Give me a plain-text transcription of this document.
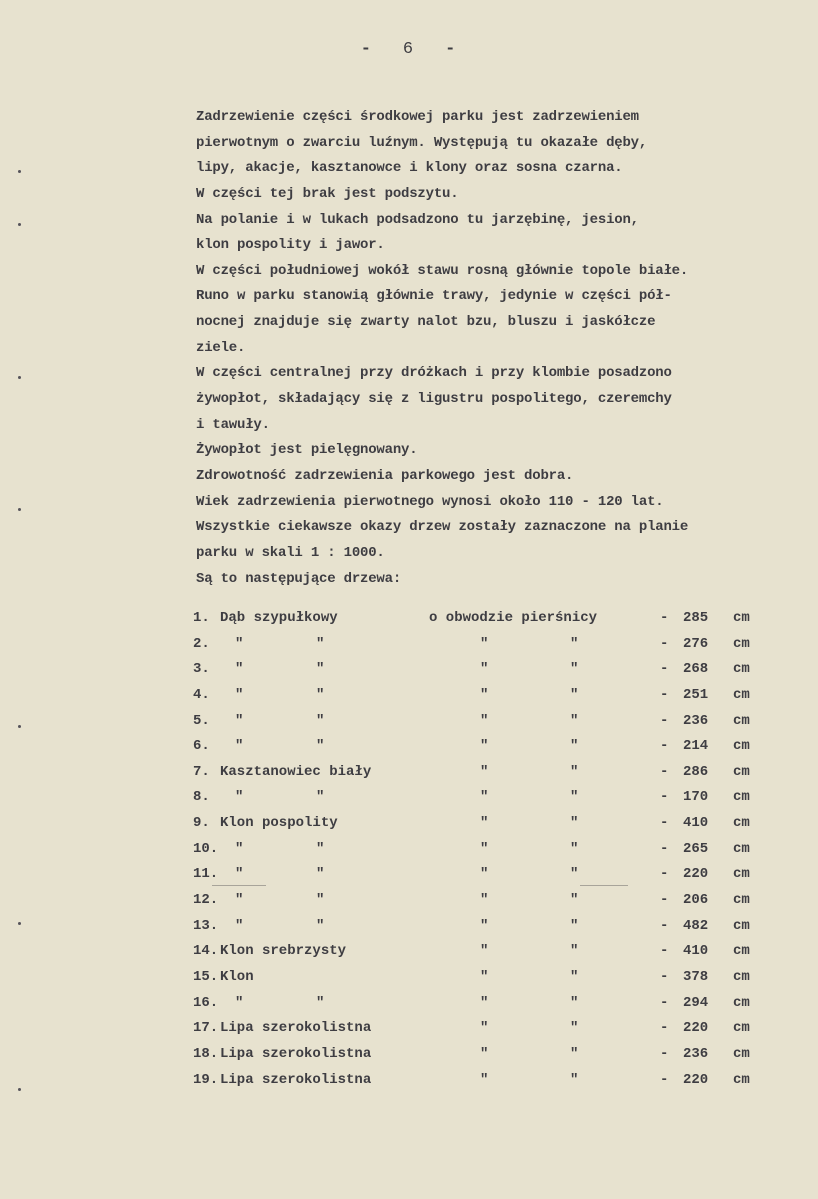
- 6 -
Zadrzewienie części środkowej parku jest zadrzewieniem
pierwotnym o zwarciu luźnym. Występują tu okazałe dęby,
lipy, akacje, kasztanowce i klony oraz sosna czarna.
W części tej brak jest podszytu.
Na polanie i w lukach podsadzono tu jarzębinę, jesion,
klon pospolity i jawor.
W części południowej wokół stawu rosną głównie topole białe.
Runo w parku stanowią głównie trawy, jedynie w części pół-
nocnej znajduje się zwarty nalot bzu, bluszu i jaskółcze
ziele.
W części centralnej przy dróżkach i przy klombie posadzono
żywopłot, składający się z ligustru pospolitego, czeremchy
i tawuły.
Żywopłot jest pielęgnowany.
Zdrowotność zadrzewienia parkowego jest dobra.
Wiek zadrzewienia pierwotnego wynosi około 110 - 120 lat.
Wszystkie ciekawsze okazy drzew zostały zaznaczone na planie
parku w skali 1 : 1000.
Są to następujące drzewa:
1. Dąb szypułkowy	o obwodzie pierśnicy	- 285 cm
2. "	"	"	"	- 276 cm
3. "	"	"	"	- 268 cm
4. "	"	"	"	- 251 cm
5. "	"	"	"	- 236 cm
6. "	"	"	"	- 214 cm
7. Kasztanowiec biały	"	"	- 286 cm
8. "	"	"	"	- 170 cm
9. Klon pospolity	"	"	- 410 cm
10. "	"	"	"	- 265 cm
11. "	"	"	"	- 220 cm
12. "	"	"	"	- 206 cm
13. "	"	"	"	- 482 cm
14. Klon srebrzysty	"	"	- 410 cm
15. Klon	"	"	- 378 cm
16. "	"	"	"	- 294 cm
17. Lipa szerokolistna	"	"	- 220 cm
18. Lipa szerokolistna	"	"	- 236 cm
19. Lipa szerokolistna	"	"	- 220 cm
